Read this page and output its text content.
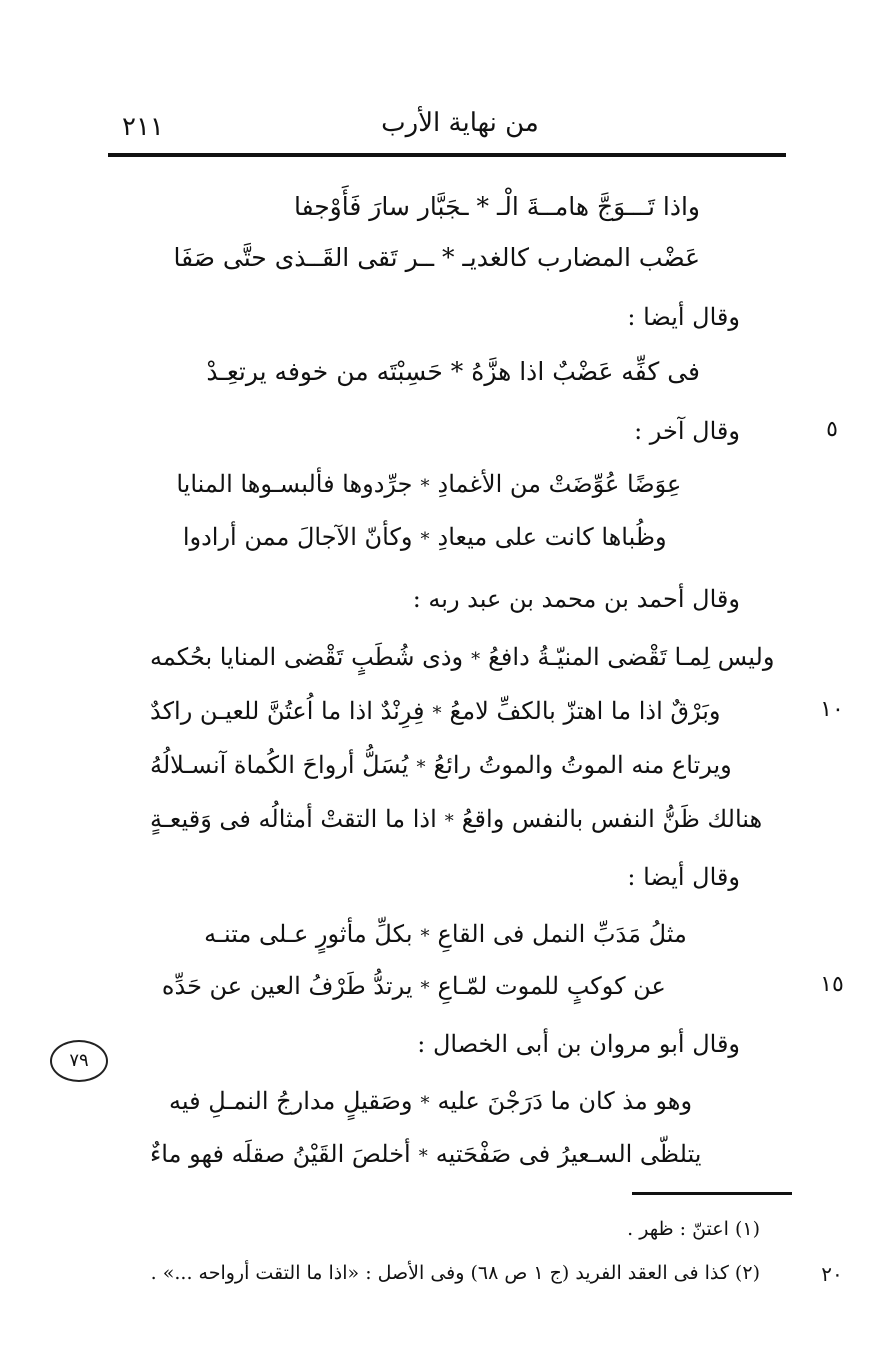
من نهاية الأرب
٢١١
واذا تَـــوَجَّ هامــةَ الْـ * ـجَبَّار سارَ فَأَوْجفا
عَضْب المضارب كالغديـ * ــر تَقى القَــذى حتَّى صَفَا
وقال أيضا :
فى كفِّه عَضْبٌ اذا هزَّهُ * حَسِبْتَه من خوفه يرتعِـدْ
وقال آخر :	٥
جرِّدوها فألبسـوها المنايا * عِوَضًا عُوِّضَتْ من الأغمادِ
وكأنّ الآجالَ ممن أرادوا * وظُباها كانت على ميعادِ
وقال أحمد بن محمد بن عبد ربه :
وذى شُطَبٍ تَقْضى المنايا بحُكمه * وليس لِمـا تَقْضى المنيّـةُ دافعُ
فِرِنْدٌ اذا ما اُعتُنَّ للعيـن راكدٌ * وبَرْقٌ اذا ما اهتزّ بالكفِّ لامعُ	١٠
يُسَلُّ أرواحَ الكُماة آنسـلالُهُ * ويرتاع منه الموتُ والموتُ رائعُ
اذا ما التقتْ أمثالُه فى وَقيعـةٍ * هنالك ظَنُّ النفس بالنفس واقعُ
وقال أيضا :
بكلِّ مأثورٍ عـلى متنـه * مثلُ مَدَبِّ النمل فى القاعِ
يرتدُّ طَرْفُ العين عن حَدِّه * عن كوكبٍ للموت لمّـاعِ	١٥
وقال أبو مروان بن أبى الخصال :
٧٩
وصَقيلٍ مدارجُ النمـلِ فيه * وهو مذ كان ما دَرَجْنَ عليه
أخلصَ القَيْنُ صقلَه فهو ماءٌ * يتلظّى السـعيرُ فى صَفْحَتيه
(١) اعتنّ : ظهر .
(٢) كذا فى العقد الفريد (ج ١ ص ٦٨) وفى الأصل : «اذا ما التقت أرواحه ...» .	٢٠
